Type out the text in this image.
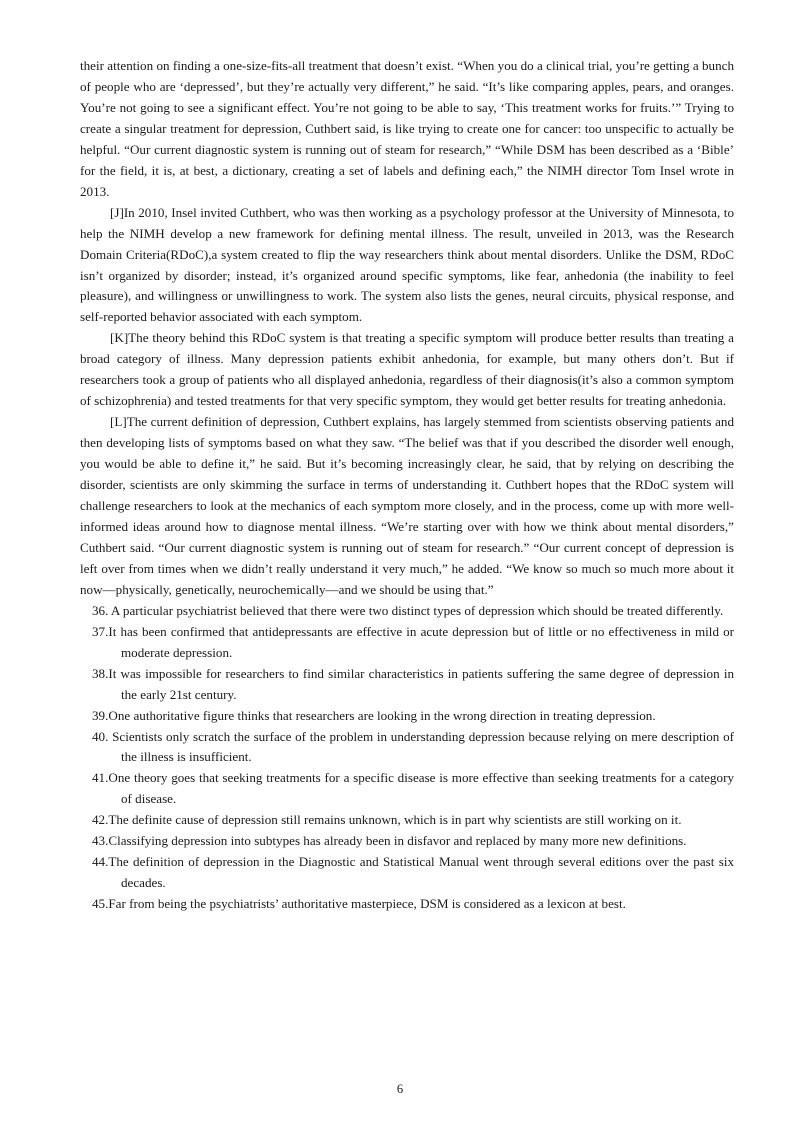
their attention on finding a one-size-fits-all treatment that doesn’t exist. “When you do a clinical trial, you’re getting a bunch of people who are ‘depressed’, but they’re actually very different,” he said. “It’s like comparing apples, pears, and oranges. You’re not going to see a significant effect. You’re not going to be able to say, ‘This treatment works for fruits.’” Trying to create a singular treatment for depression, Cuthbert said, is like trying to create one for cancer: too unspecific to actually be helpful. “Our current diagnostic system is running out of steam for research,” “While DSM has been described as a ‘Bible’ for the field, it is, at best, a dictionary, creating a set of labels and defining each,” the NIMH director Tom Insel wrote in 2013.

[J]In 2010, Insel invited Cuthbert, who was then working as a psychology professor at the University of Minnesota, to help the NIMH develop a new framework for defining mental illness. The result, unveiled in 2013, was the Research Domain Criteria(RDoC),a system created to flip the way researchers think about mental disorders. Unlike the DSM, RDoC isn’t organized by disorder; instead, it’s organized around specific symptoms, like fear, anhedonia (the inability to feel pleasure), and willingness or unwillingness to work. The system also lists the genes, neural circuits, physical response, and self-reported behavior associated with each symptom.

[K]The theory behind this RDoC system is that treating a specific symptom will produce better results than treating a broad category of illness. Many depression patients exhibit anhedonia, for example, but many others don’t. But if researchers took a group of patients who all displayed anhedonia, regardless of their diagnosis(it’s also a common symptom of schizophrenia) and tested treatments for that very specific symptom, they would get better results for treating anhedonia.

[L]The current definition of depression, Cuthbert explains, has largely stemmed from scientists observing patients and then developing lists of symptoms based on what they saw. “The belief was that if you described the disorder well enough, you would be able to define it,” he said. But it’s becoming increasingly clear, he said, that by relying on describing the disorder, scientists are only skimming the surface in terms of understanding it. Cuthbert hopes that the RDoC system will challenge researchers to look at the mechanics of each symptom more closely, and in the process, come up with more well-informed ideas around how to diagnose mental illness. “We’re starting over with how we think about mental disorders,” Cuthbert said. “Our current diagnostic system is running out of steam for research.” “Our current concept of depression is left over from times when we didn’t really understand it very much,” he added. “We know so much so much more about it now—physically, genetically, neurochemically—and we should be using that.”

36. A particular psychiatrist believed that there were two distinct types of depression which should be treated differently.

37.It has been confirmed that antidepressants are effective in acute depression but of little or no effectiveness in mild or moderate depression.

38.It was impossible for researchers to find similar characteristics in patients suffering the same degree of depression in the early 21st century.

39.One authoritative figure thinks that researchers are looking in the wrong direction in treating depression.

40. Scientists only scratch the surface of the problem in understanding depression because relying on mere description of the illness is insufficient.

41.One theory goes that seeking treatments for a specific disease is more effective than seeking treatments for a category of disease.

42.The definite cause of depression still remains unknown, which is in part why scientists are still working on it.

43.Classifying depression into subtypes has already been in disfavor and replaced by many more new definitions.

44.The definition of depression in the Diagnostic and Statistical Manual went through several editions over the past six decades.

45.Far from being the psychiatrists’ authoritative masterpiece, DSM is considered as a lexicon at best.

6
